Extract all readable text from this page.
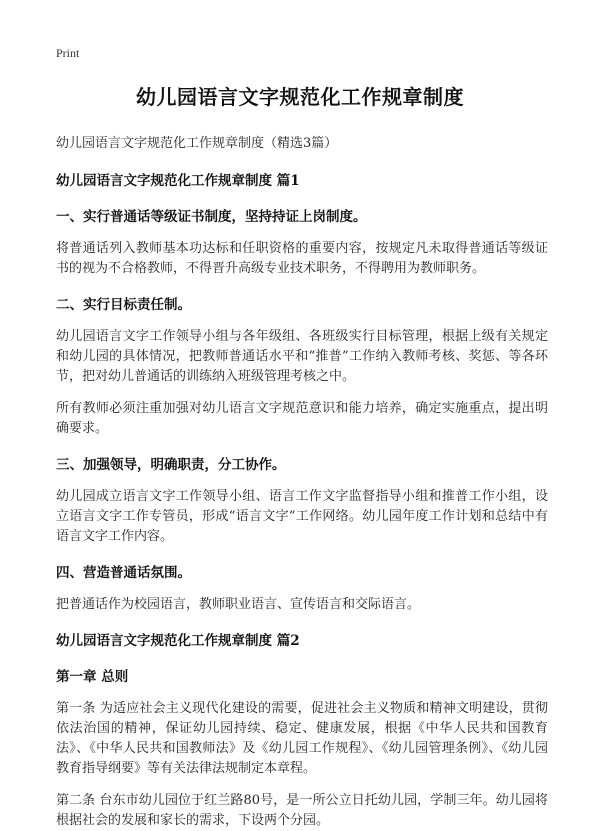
Print
幼儿园语言文字规范化工作规章制度
幼儿园语言文字规范化工作规章制度（精选3篇）
幼儿园语言文字规范化工作规章制度 篇1
一、实行普通话等级证书制度，坚持持证上岗制度。

将普通话列入教师基本功达标和任职资格的重要内容，按规定凡未取得普通话等级证书的视为不合格教师，不得晋升高级专业技术职务，不得聘用为教师职务。

二、实行目标责任制。

幼儿园语言文字工作领导小组与各年级组、各班级实行目标管理，根据上级有关规定和幼儿园的具体情况，把教师普通话水平和“推普”工作纳入教师考核、奖惩、等各环节，把对幼儿普通话的训练纳入班级管理考核之中。

所有教师必须注重加强对幼儿语言文字规范意识和能力培养，确定实施重点，提出明确要求。

三、加强领导，明确职责，分工协作。

幼儿园成立语言文字工作领导小组、语言工作文字监督指导小组和推普工作小组，设立语言文字工作专管员，形成“语言文字”工作网络。幼儿园年度工作计划和总结中有语言文字工作内容。

四、营造普通话氛围。

把普通话作为校园语言，教师职业语言、宣传语言和交际语言。

幼儿园语言文字规范化工作规章制度 篇2
第一章 总则

第一条 为适应社会主义现代化建设的需要，促进社会主义物质和精神文明建设，贯彻依法治国的精神，保证幼儿园持续、稳定、健康发展，根据《中华人民共和国教育法》、《中华人民共和国教师法》及《幼儿园工作规程》、《幼儿园管理条例》、《幼儿园教育指导纲要》等有关法律法规制定本章程。

第二条 台东市幼儿园位于红兰路80号，是一所公立日托幼儿园，学制三年。幼儿园将根据社会的发展和家长的需求，下设两个分园。
